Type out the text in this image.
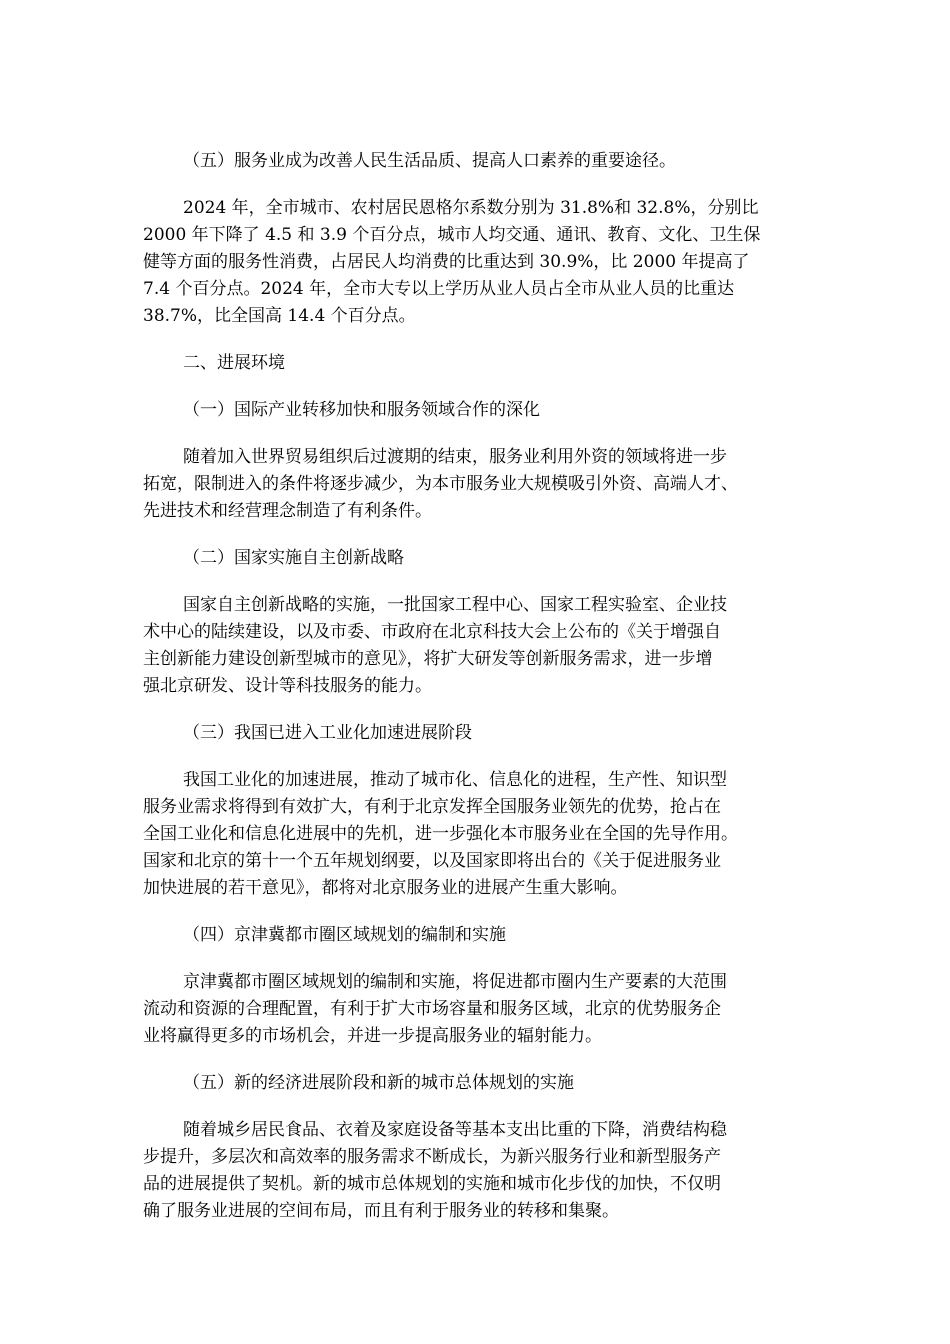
（五）服务业成为改善人民生活品质、提高人口素养的重要途径。
2024 年，全市城市、农村居民恩格尔系数分别为 31.8%和 32.8%，分别比
2000 年下降了 4.5 和 3.9 个百分点，城市人均交通、通讯、教育、文化、卫生保
健等方面的服务性消费，占居民人均消费的比重达到 30.9%，比 2000 年提高了
7.4 个百分点。2024 年，全市大专以上学历从业人员占全市从业人员的比重达
38.7%，比全国高 14.4 个百分点。
二、进展环境
（一）国际产业转移加快和服务领域合作的深化
随着加入世界贸易组织后过渡期的结束，服务业利用外资的领域将进一步
拓宽，限制进入的条件将逐步减少，为本市服务业大规模吸引外资、高端人才、
先进技术和经营理念制造了有利条件。
（二）国家实施自主创新战略
国家自主创新战略的实施，一批国家工程中心、国家工程实验室、企业技
术中心的陆续建设，以及市委、市政府在北京科技大会上公布的《关于增强自
主创新能力建设创新型城市的意见》，将扩大研发等创新服务需求，进一步增
强北京研发、设计等科技服务的能力。
（三）我国已进入工业化加速进展阶段
我国工业化的加速进展，推动了城市化、信息化的进程，生产性、知识型
服务业需求将得到有效扩大，有利于北京发挥全国服务业领先的优势，抢占在
全国工业化和信息化进展中的先机，进一步强化本市服务业在全国的先导作用。
国家和北京的第十一个五年规划纲要，以及国家即将出台的《关于促进服务业
加快进展的若干意见》，都将对北京服务业的进展产生重大影响。
（四）京津冀都市圈区域规划的编制和实施
京津冀都市圈区域规划的编制和实施，将促进都市圈内生产要素的大范围
流动和资源的合理配置，有利于扩大市场容量和服务区域，北京的优势服务企
业将赢得更多的市场机会，并进一步提高服务业的辐射能力。
（五）新的经济进展阶段和新的城市总体规划的实施
随着城乡居民食品、衣着及家庭设备等基本支出比重的下降，消费结构稳
步提升，多层次和高效率的服务需求不断成长，为新兴服务行业和新型服务产
品的进展提供了契机。新的城市总体规划的实施和城市化步伐的加快，不仅明
确了服务业进展的空间布局，而且有利于服务业的转移和集聚。
